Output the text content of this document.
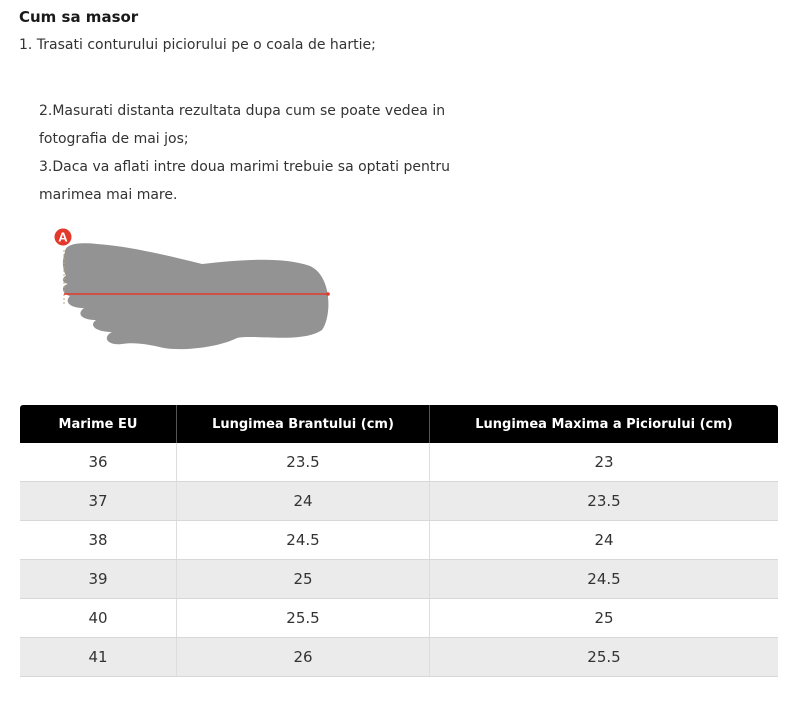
Cum sa masor
1. Trasati conturului piciorului pe o coala de hartie;

2.Masurati distanta rezultata dupa cum se poate vedea in

fotografia de mai jos;

3.Daca va aflati intre doua marimi trebuie sa optati pentru

marimea mai mare.

A
Marime EU	Lungimea Brantului (cm)	Lungimea Maxima a Piciorului (cm)
36	23.5	23
37	24	23.5
38	24.5	24
39	25	24.5
40	25.5	25
41	26	25.5
